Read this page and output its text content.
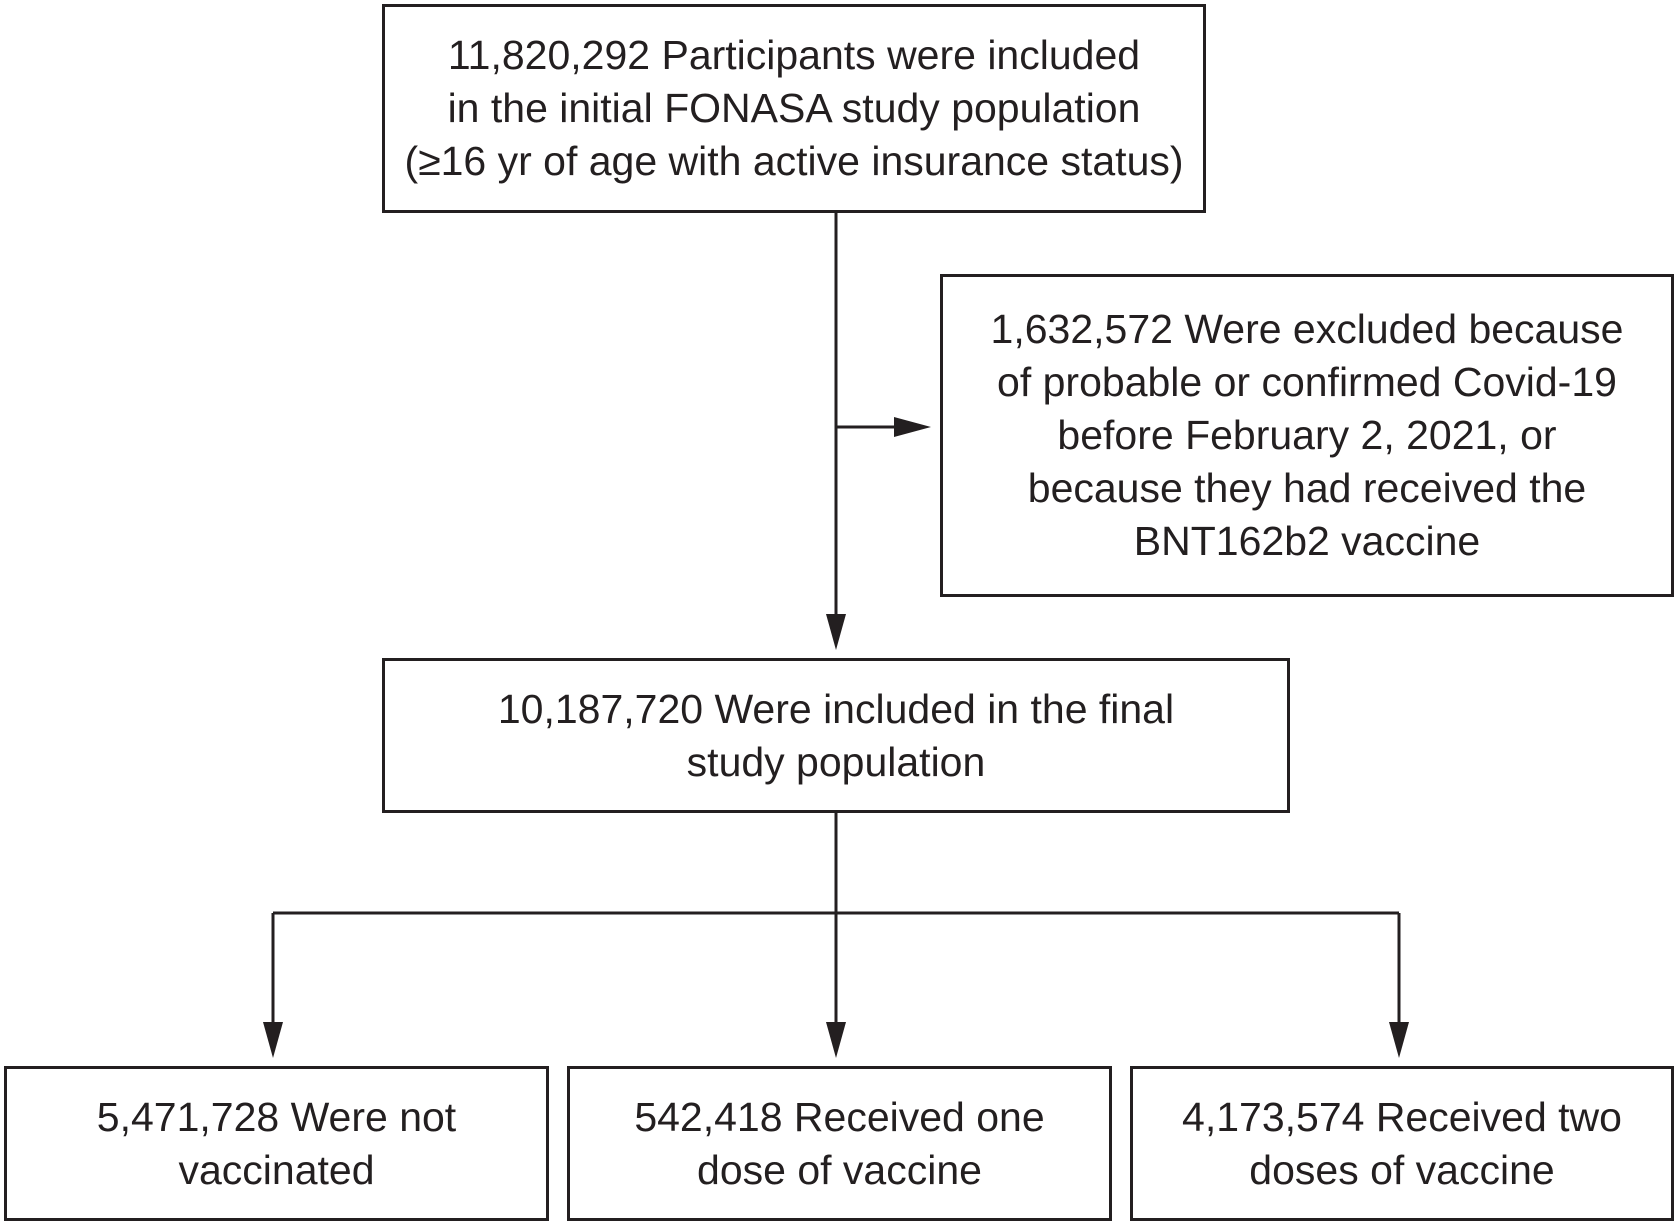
11,820,292 Participants were included
in the initial FONASA study population
(≥16 yr of age with active insurance status)
1,632,572 Were excluded because
of probable or confirmed Covid-19
before February 2, 2021, or
because they had received the
BNT162b2 vaccine
10,187,720 Were included in the final
study population
5,471,728 Were not
vaccinated
542,418 Received one
dose of vaccine
4,173,574 Received two
doses of vaccine
